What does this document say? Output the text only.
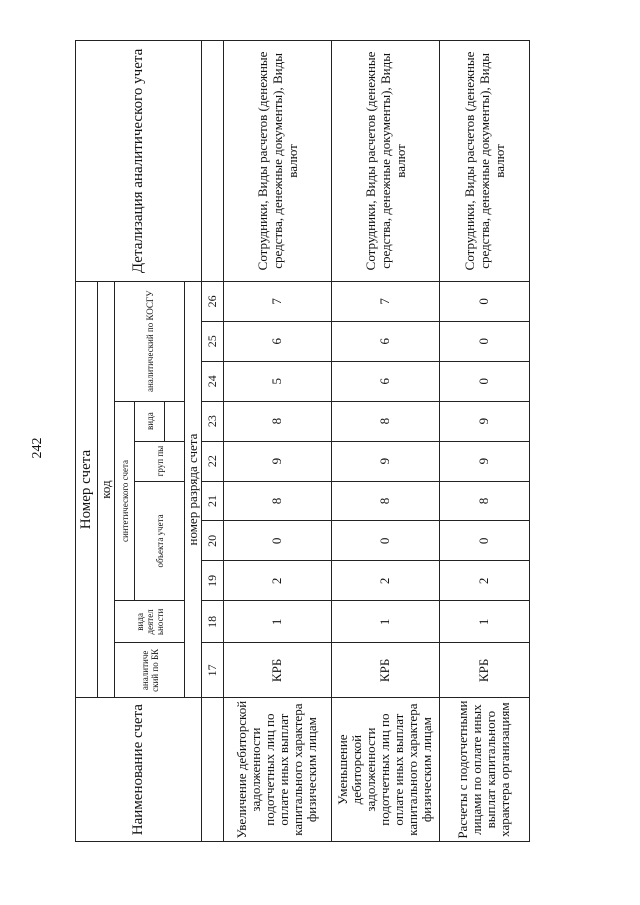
242
Наименование счета	Номер счета										Детализация аналитического учета
	код										
	аналитиче ский по БК	вида деятел ьности	синтетического счета					аналитический по КОСГУ			
			объекта учета			груп пы	вида				

	номер разряда счета										
	17	18	19	20	21	22	23	24	25	26	
Увеличение дебиторской задолженности подотчетных лиц по оплате иных выплат капитального характера физическим лицам	КРБ	1	2	0	8	9	8	5	6	7	Сотрудники, Виды расчетов (денежные средства, денежные документы), Виды валют
Уменьшение дебиторской задолженности подотчетных лиц по оплате иных выплат капитального характера физическим лицам	КРБ	1	2	0	8	9	8	6	6	7	Сотрудники, Виды расчетов (денежные средства, денежные документы), Виды валют
Расчеты с подотчетными лицами по оплате иных выплат капитального характера организациям	КРБ	1	2	0	8	9	9	0	0	0	Сотрудники, Виды расчетов (денежные средства, денежные документы), Виды валют
